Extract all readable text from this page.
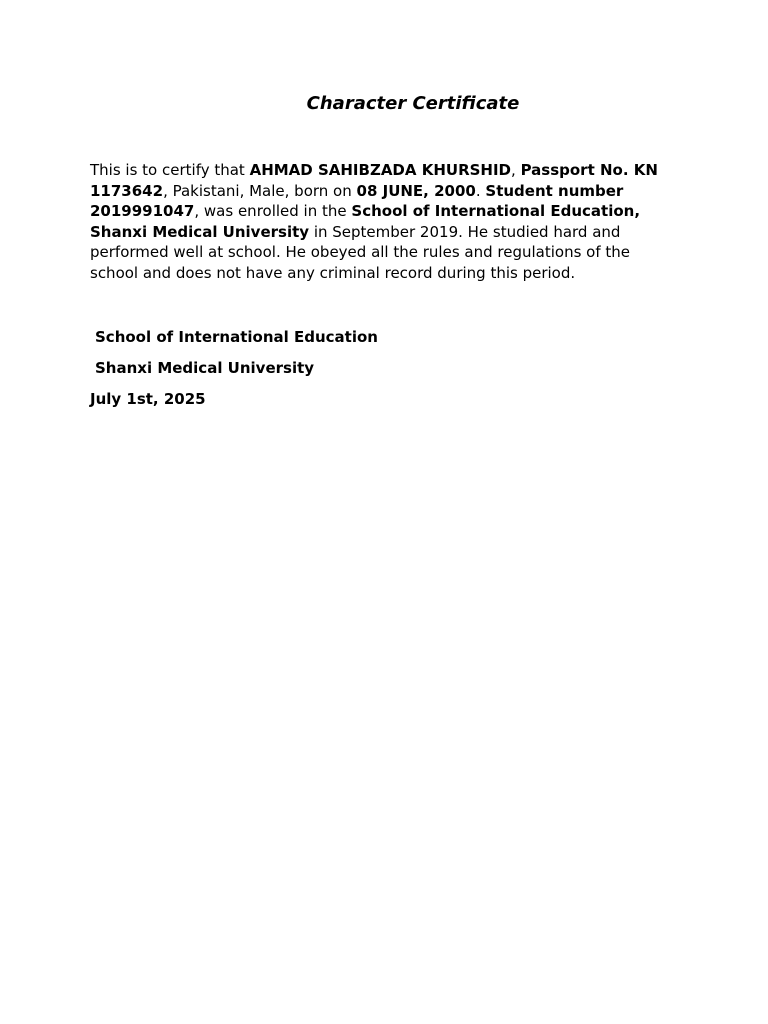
Character Certificate

This is to certify that AHMAD SAHIBZADA KHURSHID, Passport No. KN 1173642, Pakistani, Male, born on 08 JUNE, 2000. Student number 2019991047, was enrolled in the School of International Education, Shanxi Medical University in September 2019. He studied hard and performed well at school. He obeyed all the rules and regulations of the school and does not have any criminal record during this period.

School of International Education
Shanxi Medical University
July 1st, 2025
